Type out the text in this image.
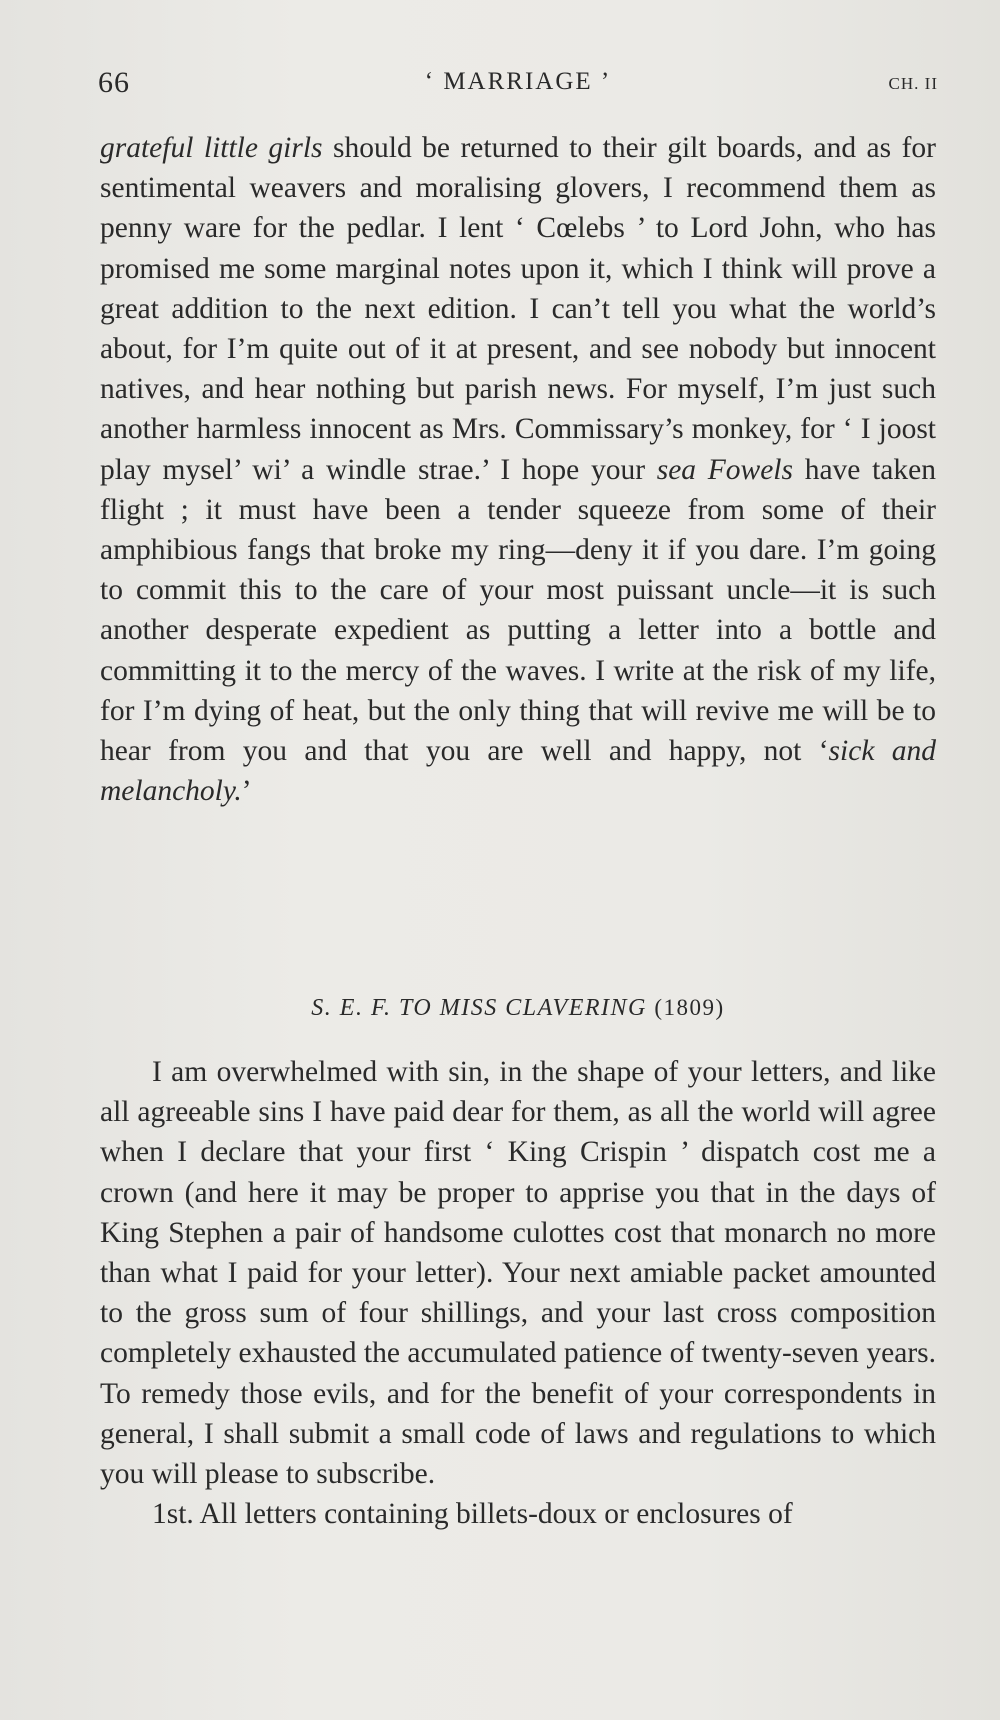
66	‘ MARRIAGE ’	CH. II

grateful little girls should be returned to their gilt boards, and as for sentimental weavers and moralising glovers, I recommend them as penny ware for the pedlar. I lent ‘ Cœlebs ’ to Lord John, who has promised me some marginal notes upon it, which I think will prove a great addition to the next edition. I can’t tell you what the world’s about, for I’m quite out of it at present, and see nobody but innocent natives, and hear nothing but parish news. For myself, I’m just such another harmless innocent as Mrs. Commissary’s monkey, for ‘ I joost play mysel’ wi’ a windle strae.’ I hope your sea Fowels have taken flight ; it must have been a tender squeeze from some of their amphibious fangs that broke my ring—deny it if you dare. I’m going to commit this to the care of your most puissant uncle—it is such another desperate expedient as putting a letter into a bottle and committing it to the mercy of the waves. I write at the risk of my life, for I’m dying of heat, but the only thing that will revive me will be to hear from you and that you are well and happy, not ‘sick and melancholy.’

S. E. F. TO MISS CLAVERING (1809)

I am overwhelmed with sin, in the shape of your letters, and like all agreeable sins I have paid dear for them, as all the world will agree when I declare that your first ‘ King Crispin ’ dispatch cost me a crown (and here it may be proper to apprise you that in the days of King Stephen a pair of handsome culottes cost that monarch no more than what I paid for your letter). Your next amiable packet amounted to the gross sum of four shillings, and your last cross composition completely exhausted the accumulated patience of twenty-seven years. To remedy those evils, and for the benefit of your correspondents in general, I shall submit a small code of laws and regulations to which you will please to subscribe.

1st. All letters containing billets-doux or enclosures of
